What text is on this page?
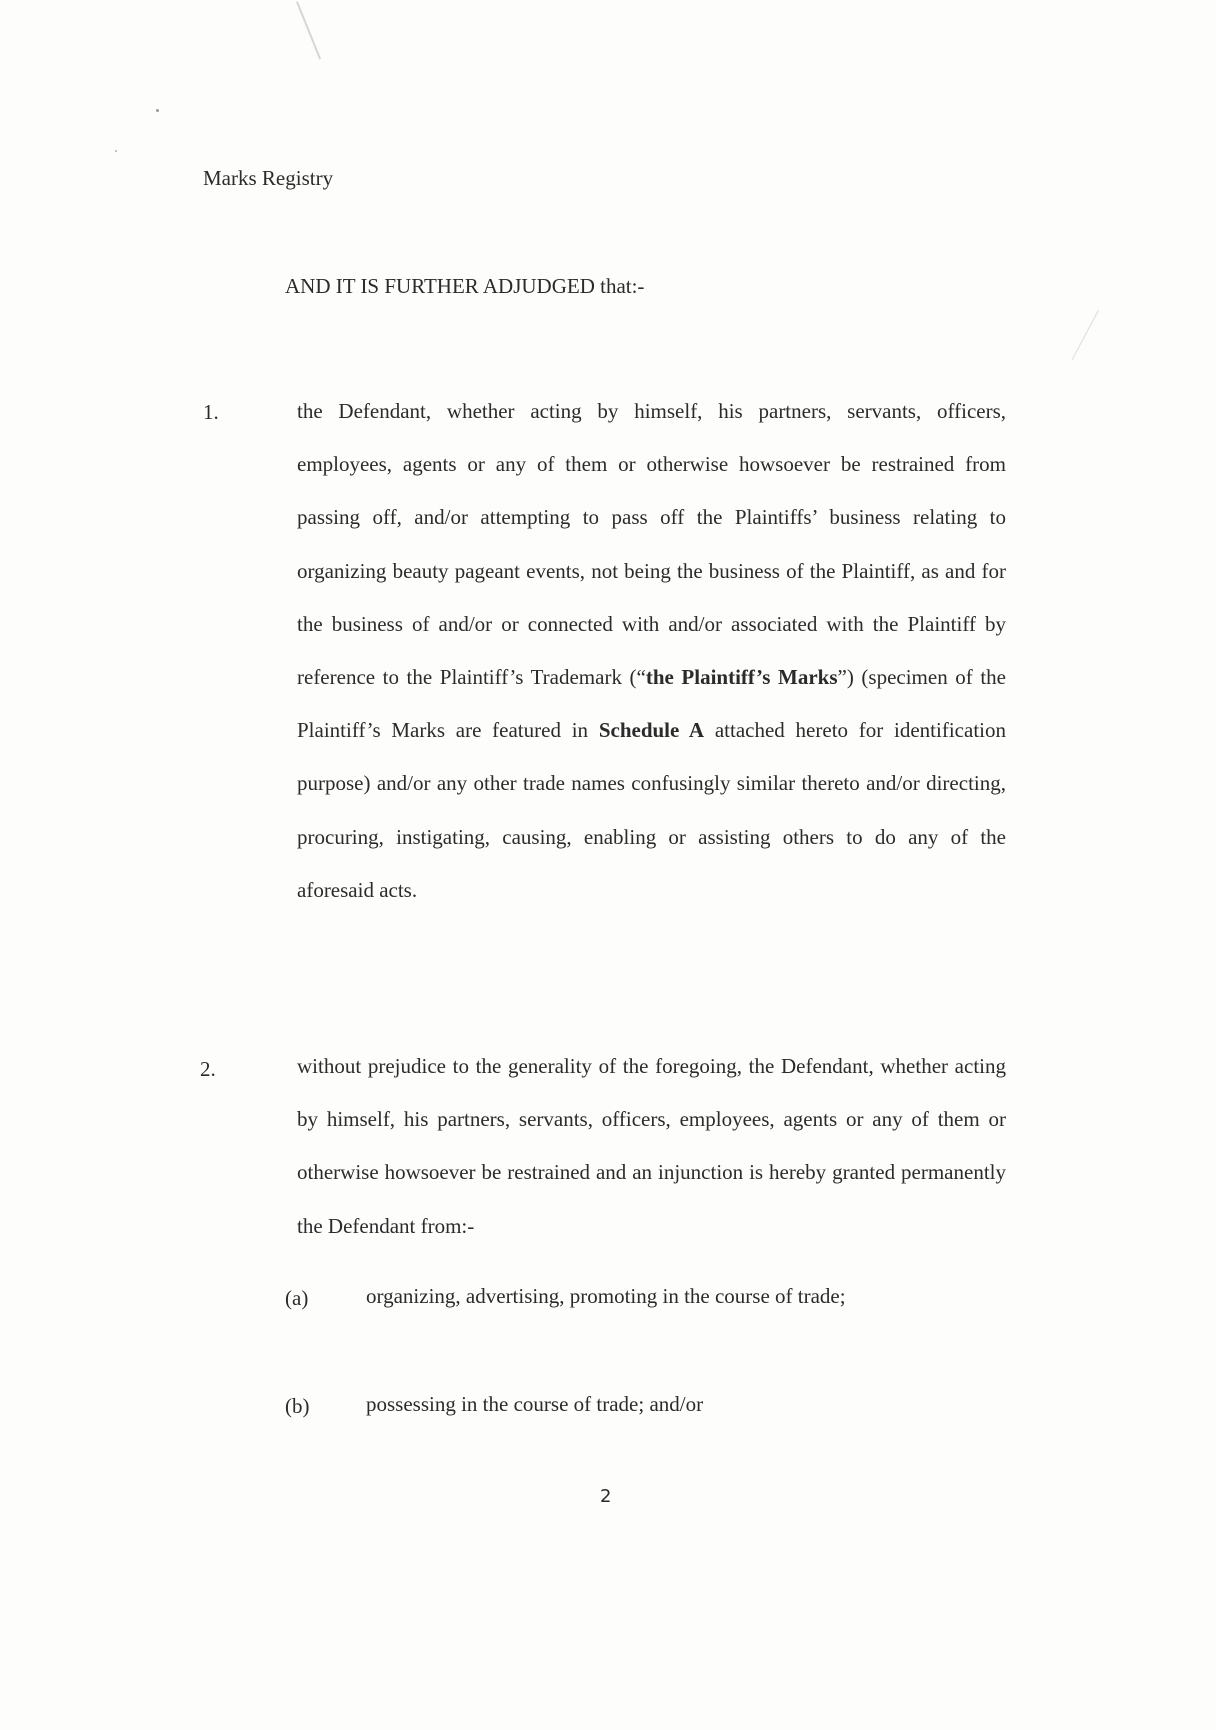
Marks Registry
AND IT IS FURTHER ADJUDGED that:-
1.	the Defendant, whether acting by himself, his partners, servants, officers, employees, agents or any of them or otherwise howsoever be restrained from passing off, and/or attempting to pass off the Plaintiffs’ business relating to organizing beauty pageant events, not being the business of the Plaintiff, as and for the business of and/or or connected with and/or associated with the Plaintiff by reference to the Plaintiff’s Trademark (“the Plaintiff’s Marks”) (specimen of the Plaintiff’s Marks are featured in Schedule A attached hereto for identification purpose) and/or any other trade names confusingly similar thereto and/or directing, procuring, instigating, causing, enabling or assisting others to do any of the aforesaid acts.
2.	without prejudice to the generality of the foregoing, the Defendant, whether acting by himself, his partners, servants, officers, employees, agents or any of them or otherwise howsoever be restrained and an injunction is hereby granted permanently the Defendant from:-
(a)	organizing, advertising, promoting in the course of trade;
(b)	possessing in the course of trade; and/or
2
